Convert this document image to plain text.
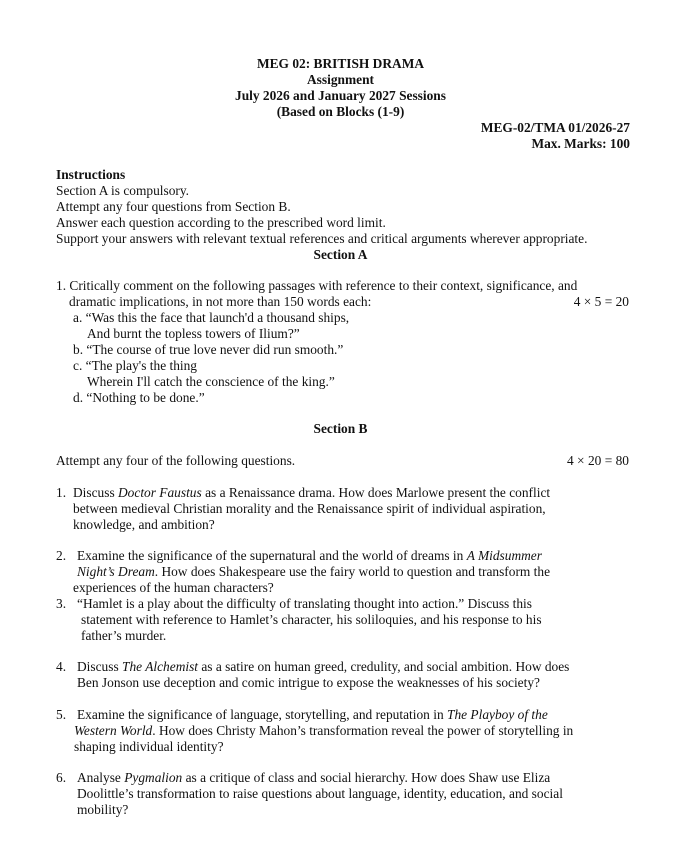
MEG 02: BRITISH DRAMA
Assignment
July 2026 and January 2027 Sessions
(Based on Blocks (1-9)
MEG-02/TMA 01/2026-27
Max. Marks: 100
Instructions
Section A is compulsory.
Attempt any four questions from Section B.
Answer each question according to the prescribed word limit.
Support your answers with relevant textual references and critical arguments wherever appropriate.
Section A
1. Critically comment on the following passages with reference to their context, significance, and
dramatic implications, in not more than 150 words each:	4 × 5 = 20
a. “Was this the face that launch'd a thousand ships,
And burnt the topless towers of Ilium?”
b. “The course of true love never did run smooth.”
c. “The play's the thing
Wherein I'll catch the conscience of the king.”
d. “Nothing to be done.”
Section B
Attempt any four of the following questions.	4 × 20 = 80
1. Discuss Doctor Faustus as a Renaissance drama. How does Marlowe present the conflict
between medieval Christian morality and the Renaissance spirit of individual aspiration,
knowledge, and ambition?
2. Examine the significance of the supernatural and the world of dreams in A Midsummer
Night’s Dream. How does Shakespeare use the fairy world to question and transform the
experiences of the human characters?
3. “Hamlet is a play about the difficulty of translating thought into action.” Discuss this
statement with reference to Hamlet’s character, his soliloquies, and his response to his
father’s murder.
4. Discuss The Alchemist as a satire on human greed, credulity, and social ambition. How does
Ben Jonson use deception and comic intrigue to expose the weaknesses of his society?
5. Examine the significance of language, storytelling, and reputation in The Playboy of the
Western World. How does Christy Mahon’s transformation reveal the power of storytelling in
shaping individual identity?
6. Analyse Pygmalion as a critique of class and social hierarchy. How does Shaw use Eliza
Doolittle’s transformation to raise questions about language, identity, education, and social
mobility?
